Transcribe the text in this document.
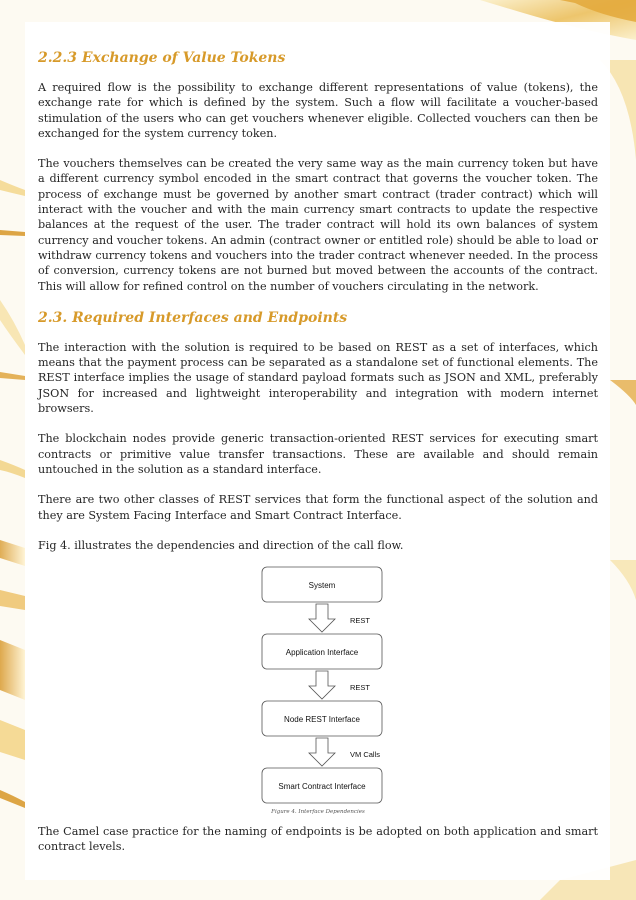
2.2.3 Exchange of Value Tokens

A required flow is the possibility to exchange different representations of value (tokens), the exchange rate for which is defined by the system. Such a flow will facilitate a voucher-based stimulation of the users who can get vouchers whenever eligible. Collected vouchers can then be exchanged for the system currency token.

The vouchers themselves can be created the very same way as the main currency token but have a different currency symbol encoded in the smart contract that governs the voucher token. The process of exchange must be governed by another smart contract (trader contract) which will interact with the voucher and with the main currency smart contracts to update the respective balances at the request of the user. The trader contract will hold its own balances of system currency and voucher tokens. An admin (contract owner or entitled role) should be able to load or withdraw currency tokens and vouchers into the trader contract whenever needed. In the process of conversion, currency tokens are not burned but moved between the accounts of the contract. This will allow for refined control on the number of vouchers circulating in the network.

2.3. Required Interfaces and Endpoints

The interaction with the solution is required to be based on REST as a set of interfaces, which means that the payment process can be separated as a standalone set of functional elements. The REST interface implies the usage of standard payload formats such as JSON and XML, preferably JSON for increased and lightweight interoperability and integration with modern internet browsers.

The blockchain nodes provide generic transaction-oriented REST services for executing smart contracts or primitive value transfer transactions. These are available and should remain untouched in the solution as a standard interface.

There are two other classes of REST services that form the functional aspect of the solution and they are System Facing Interface and Smart Contract Interface.

Fig 4. illustrates the dependencies and direction of the call flow.

System
Application Interface
Node REST Interface
Smart Contract Interface
REST
REST
VM Calls
Figure 4. Interface Dependencies

The Camel case practice for the naming of endpoints is be adopted on both application and smart contract levels.
